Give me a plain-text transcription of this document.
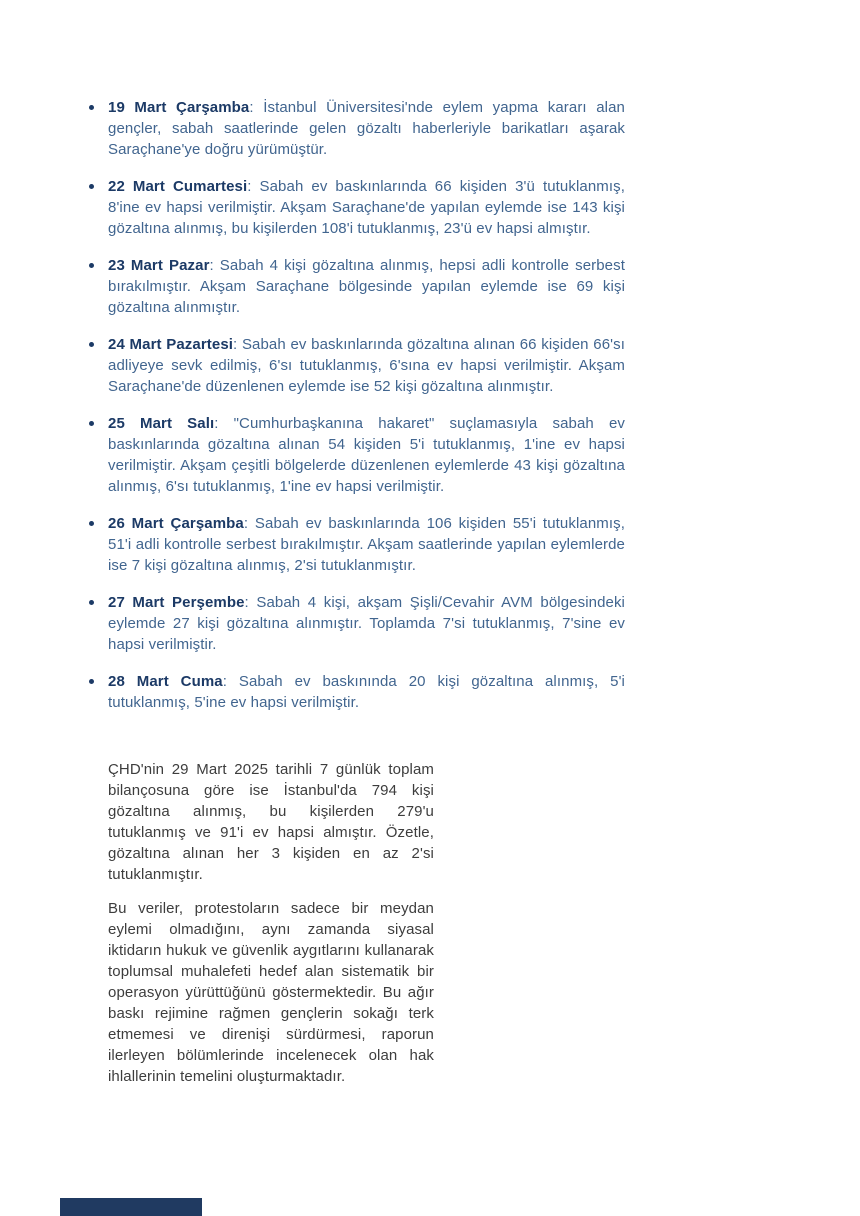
19 Mart Çarşamba: İstanbul Üniversitesi'nde eylem yapma kararı alan gençler, sabah saatlerinde gelen gözaltı haberleriyle barikatları aşarak Saraçhane'ye doğru yürümüştür.
22 Mart Cumartesi: Sabah ev baskınlarında 66 kişiden 3'ü tutuklanmış, 8'ine ev hapsi verilmiştir. Akşam Saraçhane'de yapılan eylemde ise 143 kişi gözaltına alınmış, bu kişilerden 108'i tutuklanmış, 23'ü ev hapsi almıştır.
23 Mart Pazar: Sabah 4 kişi gözaltına alınmış, hepsi adli kontrolle serbest bırakılmıştır. Akşam Saraçhane bölgesinde yapılan eylemde ise 69 kişi gözaltına alınmıştır.
24 Mart Pazartesi: Sabah ev baskınlarında gözaltına alınan 66 kişiden 66'sı adliyeye sevk edilmiş, 6'sı tutuklanmış, 6'sına ev hapsi verilmiştir. Akşam Saraçhane'de düzenlenen eylemde ise 52 kişi gözaltına alınmıştır.
25 Mart Salı: "Cumhurbaşkanına hakaret" suçlamasıyla sabah ev baskınlarında gözaltına alınan 54 kişiden 5'i tutuklanmış, 1'ine ev hapsi verilmiştir. Akşam çeşitli bölgelerde düzenlenen eylemlerde 43 kişi gözaltına alınmış, 6'sı tutuklanmış, 1'ine ev hapsi verilmiştir.
26 Mart Çarşamba: Sabah ev baskınlarında 106 kişiden 55'i tutuklanmış, 51'i adli kontrolle serbest bırakılmıştır. Akşam saatlerinde yapılan eylemlerde ise 7 kişi gözaltına alınmış, 2'si tutuklanmıştır.
27 Mart Perşembe: Sabah 4 kişi, akşam Şişli/Cevahir AVM bölgesindeki eylemde 27 kişi gözaltına alınmıştır. Toplamda 7'si tutuklanmış, 7'sine ev hapsi verilmiştir.
28 Mart Cuma: Sabah ev baskınında 20 kişi gözaltına alınmış, 5'i tutuklanmış, 5'ine ev hapsi verilmiştir.

ÇHD'nin 29 Mart 2025 tarihli 7 günlük toplam bilançosuna göre ise İstanbul'da 794 kişi gözaltına alınmış, bu kişilerden 279'u tutuklanmış ve 91'i ev hapsi almıştır. Özetle, gözaltına alınan her 3 kişiden en az 2'si tutuklanmıştır.

Bu veriler, protestoların sadece bir meydan eylemi olmadığını, aynı zamanda siyasal iktidarın hukuk ve güvenlik aygıtlarını kullanarak toplumsal muhalefeti hedef alan sistematik bir operasyon yürüttüğünü göstermektedir. Bu ağır baskı rejimine rağmen gençlerin sokağı terk etmemesi ve direnişi sürdürmesi, raporun ilerleyen bölümlerinde incelenecek olan hak ihlallerinin temelini oluşturmaktadır.
